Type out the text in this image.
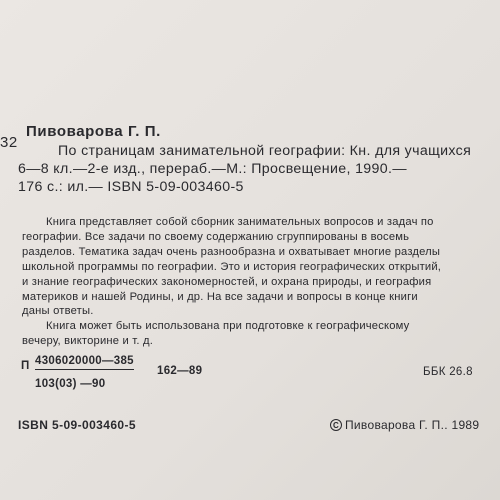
32
Пивоварова Г. П.
По страницам занимательной географии: Кн. для учащихся
6—8 кл.—2-е изд., перераб.—М.: Просвещение, 1990.—
176 с.: ил.— ISBN 5-09-003460-5
Книга представляет собой сборник занимательных вопросов и задач по
географии. Все задачи по своему содержанию сгруппированы в восемь
разделов. Тематика задач очень разнообразна и охватывает многие разделы
школьной программы по географии. Это и история географических открытий,
и знание географических закономерностей, и охрана природы, и география
материков и нашей Родины, и др. На все задачи и вопросы в конце книги
даны ответы.
Книга может быть использована при подготовке к географическому
вечеру, викторине и т. д.
П 4306020000—385
103(03) —90
162—89	ББК 26.8
ISBN 5-09-003460-5	C Пивоварова Г. П.. 1989
